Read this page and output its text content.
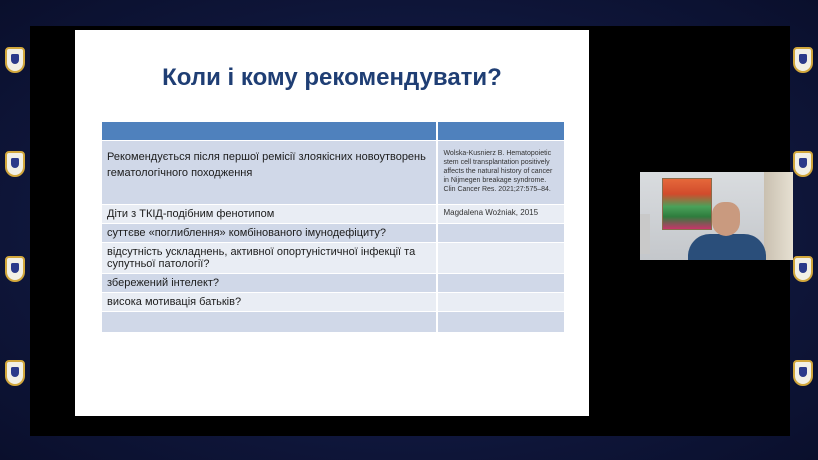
Коли і кому рекомендувати?

Рекомендується після першої ремісії злоякісних новоутворень гематологічного походження	Wolska-Kusnierz B. Hematopoietic stem cell transplantation positively affects the natural history of cancer in Nijmegen breakage syndrome. Clin Cancer Res. 2021;27:575–84.
Діти з ТКІД-подібним фенотипом	Magdalena Woźniak, 2015
суттєве «поглиблення» комбінованого імунодефіциту?	
відсутність ускладнень, активної опортуністичної інфекції та супутньої патології?	
збережений інтелект?	
висока мотивація батьків?	
